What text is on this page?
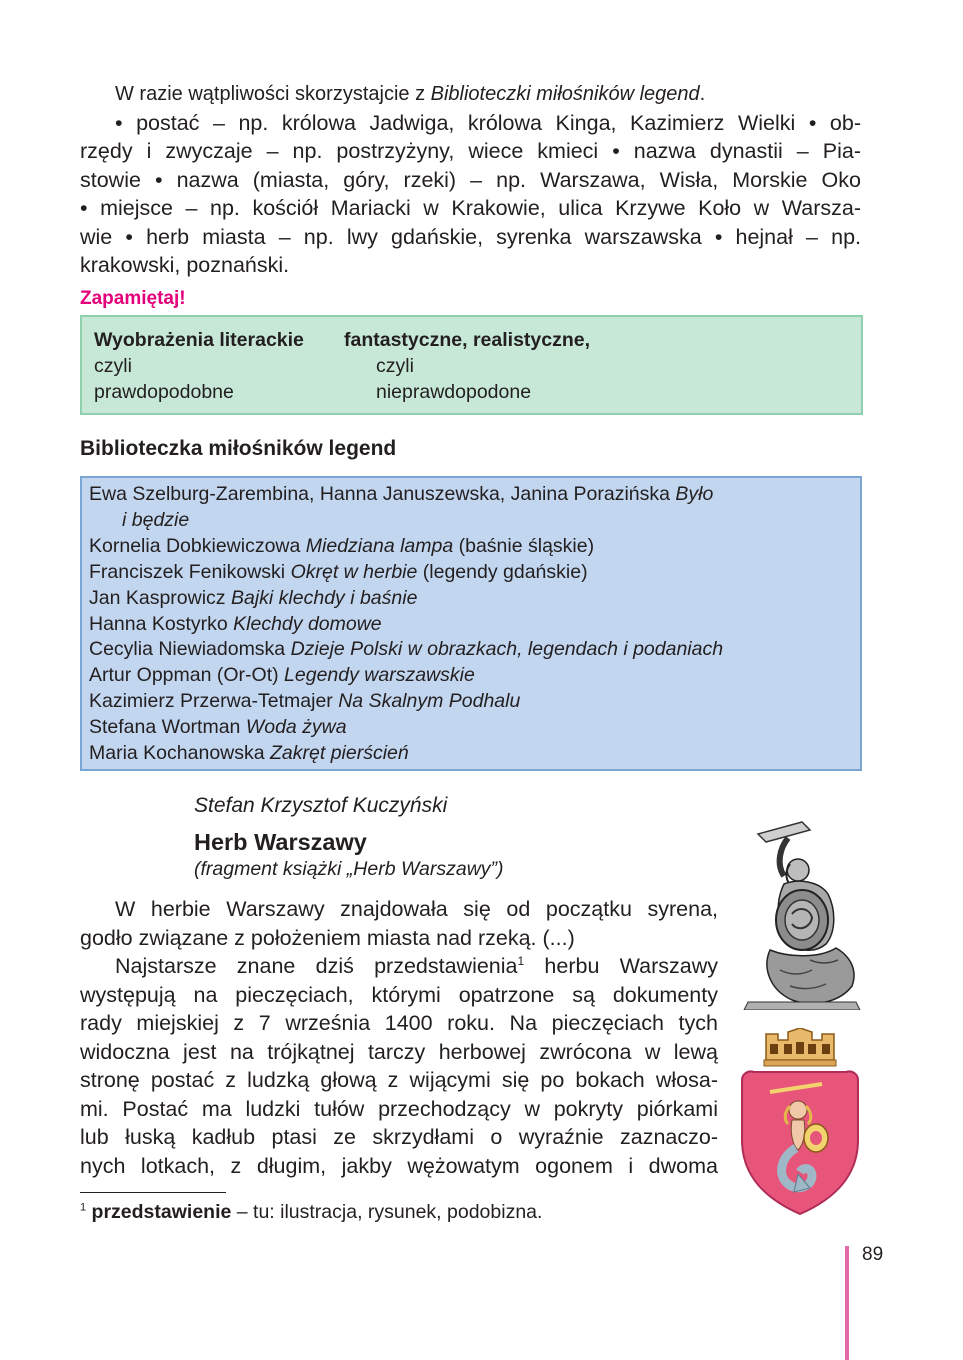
W razie wątpliwości skorzystajcie z Biblioteczki miłośników legend.

• postać – np. królowa Jadwiga, królowa Kinga, Kazimierz Wielki • ob-
rzędy i zwyczaje – np. postrzyżyny, wiece kmieci • nazwa dynastii – Pia-
stowie • nazwa (miasta, góry, rzeki) – np. Warszawa, Wisła, Morskie Oko
• miejsce – np. kościół Mariacki w Krakowie, ulica Krzywe Koło w Warsza-
wie • herb miasta – np. lwy gdańskie, syrenka warszawska • hejnał – np.
krakowski, poznański.
Zapamiętaj!
Wyobrażenia literackie fantastyczne, realistyczne,
czyli
prawdopodobne
czyli
nieprawdopodone
Biblioteczka miłośników legend
Ewa Szelburg-Zarembina, Hanna Januszewska, Janina Porazińska Było
i będzie
Kornelia Dobkiewiczowa Miedziana lampa (baśnie śląskie)
Franciszek Fenikowski Okręt w herbie (legendy gdańskie)
Jan Kasprowicz Bajki klechdy i baśnie
Hanna Kostyrko Klechdy domowe
Cecylia Niewiadomska Dzieje Polski w obrazkach, legendach i podaniach
Artur Oppman (Or-Ot) Legendy warszawskie
Kazimierz Przerwa-Tetmajer Na Skalnym Podhalu
Stefana Wortman Woda żywa
Maria Kochanowska Zakręt pierścień
Stefan Krzysztof Kuczyński
Herb Warszawy
(fragment książki „Herb Warszawy”)
W herbie Warszawy znajdowała się od początku syrena,
godło związane z położeniem miasta nad rzeką. (...)
Najstarsze znane dziś przedstawienia$^1$ herbu Warszawy
występują na pieczęciach, którymi opatrzone są dokumenty
rady miejskiej z 7 września 1400 roku. Na pieczęciach tych
widoczna jest na trójkątnej tarczy herbowej zwrócona w lewą
stronę postać z ludzką głową z wijącymi się po bokach włosa-
mi. Postać ma ludzki tułów przechodzący w pokryty piórkami
lub łuską kadłub ptasi ze skrzydłami o wyraźnie zaznaczo-
nych lotkach, z długim, jakby wężowatym ogonem i dwoma
$^1$ przedstawienie – tu: ilustracja, rysunek, podobizna.
89
